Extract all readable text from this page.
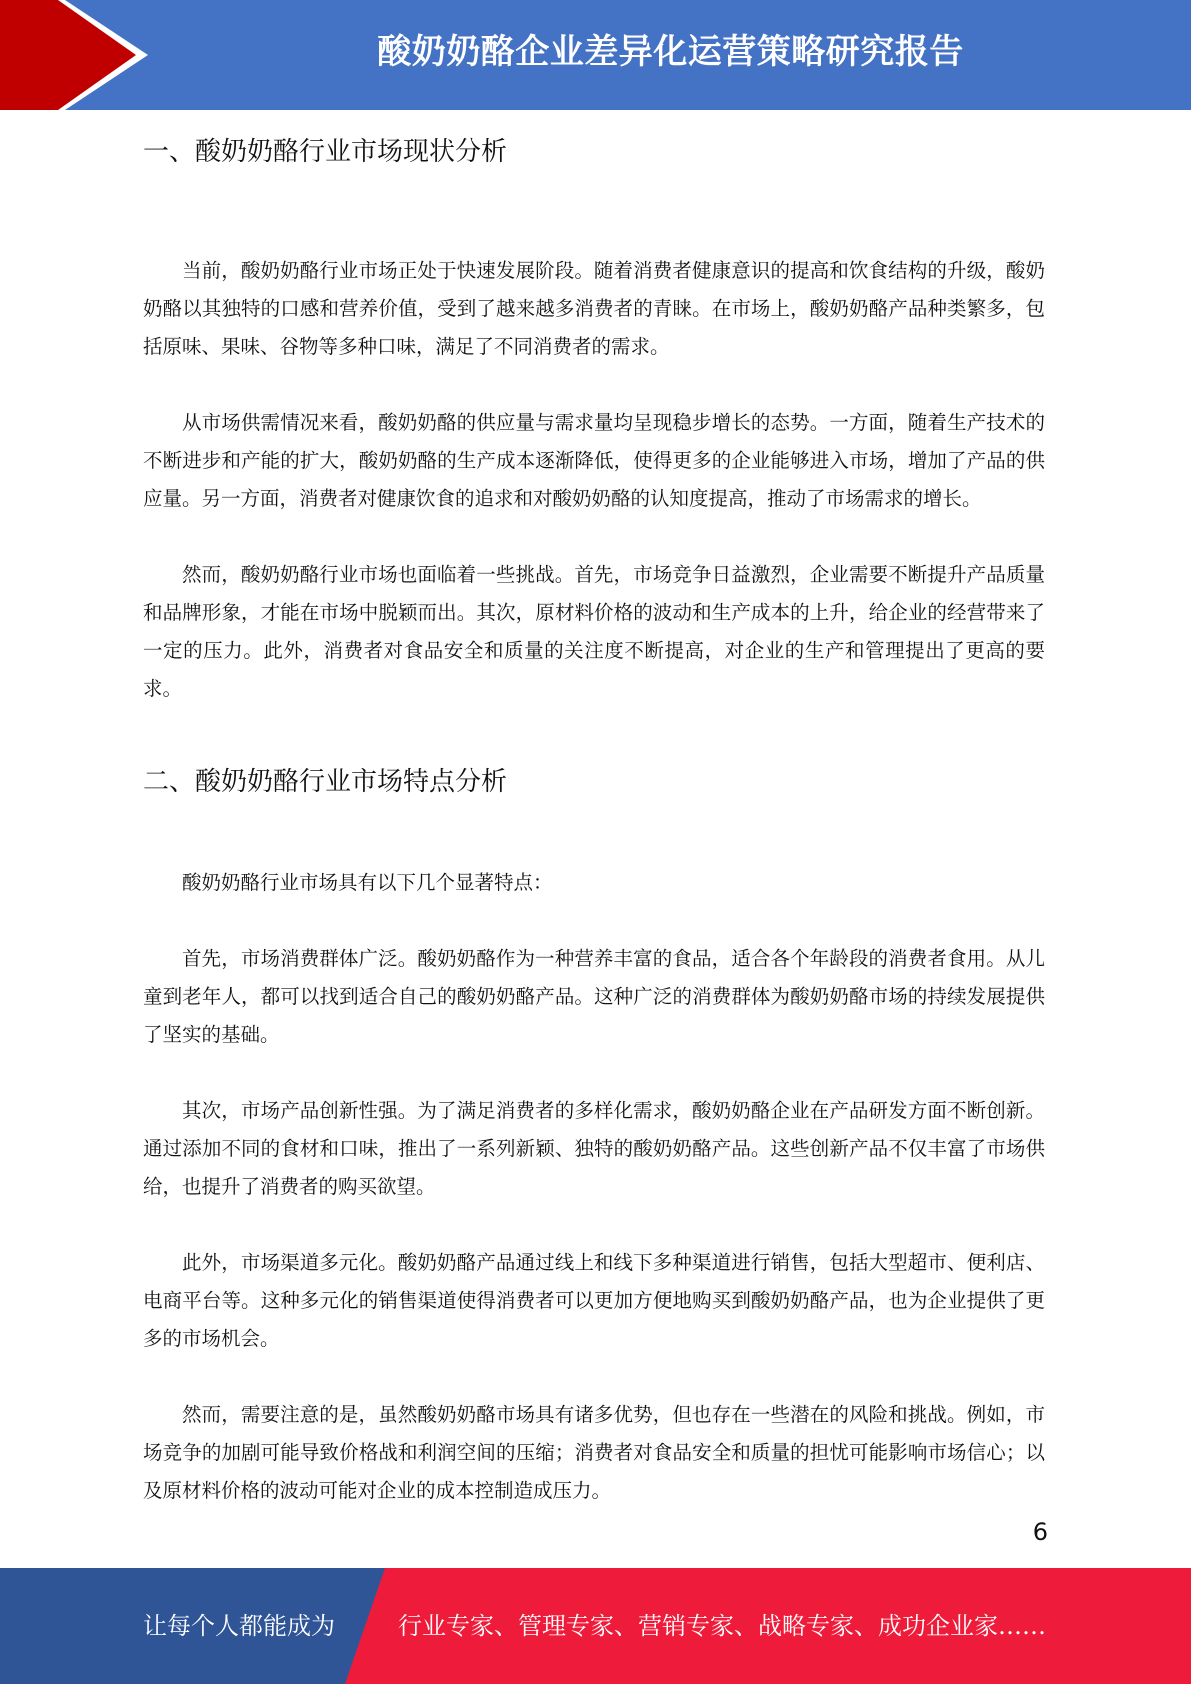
酸奶奶酪企业差异化运营策略研究报告
一、酸奶奶酪行业市场现状分析

当前，酸奶奶酪行业市场正处于快速发展阶段。随着消费者健康意识的提高和饮食结构的升级，酸奶奶酪以其独特的口感和营养价值，受到了越来越多消费者的青睐。在市场上，酸奶奶酪产品种类繁多，包括原味、果味、谷物等多种口味，满足了不同消费者的需求。

从市场供需情况来看，酸奶奶酪的供应量与需求量均呈现稳步增长的态势。一方面，随着生产技术的不断进步和产能的扩大，酸奶奶酪的生产成本逐渐降低，使得更多的企业能够进入市场，增加了产品的供应量。另一方面，消费者对健康饮食的追求和对酸奶奶酪的认知度提高，推动了市场需求的增长。

然而，酸奶奶酪行业市场也面临着一些挑战。首先，市场竞争日益激烈，企业需要不断提升产品质量和品牌形象，才能在市场中脱颖而出。其次，原材料价格的波动和生产成本的上升，给企业的经营带来了一定的压力。此外，消费者对食品安全和质量的关注度不断提高，对企业的生产和管理提出了更高的要求。

二、酸奶奶酪行业市场特点分析

酸奶奶酪行业市场具有以下几个显著特点：

首先，市场消费群体广泛。酸奶奶酪作为一种营养丰富的食品，适合各个年龄段的消费者食用。从儿童到老年人，都可以找到适合自己的酸奶奶酪产品。这种广泛的消费群体为酸奶奶酪市场的持续发展提供了坚实的基础。

其次，市场产品创新性强。为了满足消费者的多样化需求，酸奶奶酪企业在产品研发方面不断创新。通过添加不同的食材和口味，推出了一系列新颖、独特的酸奶奶酪产品。这些创新产品不仅丰富了市场供给，也提升了消费者的购买欲望。

此外，市场渠道多元化。酸奶奶酪产品通过线上和线下多种渠道进行销售，包括大型超市、便利店、电商平台等。这种多元化的销售渠道使得消费者可以更加方便地购买到酸奶奶酪产品，也为企业提供了更多的市场机会。

然而，需要注意的是，虽然酸奶奶酪市场具有诸多优势，但也存在一些潜在的风险和挑战。例如，市场竞争的加剧可能导致价格战和利润空间的压缩；消费者对食品安全和质量的担忧可能影响市场信心；以及原材料价格的波动可能对企业的成本控制造成压力。

6
让每个人都能成为	行业专家、管理专家、营销专家、战略专家、成功企业家……
